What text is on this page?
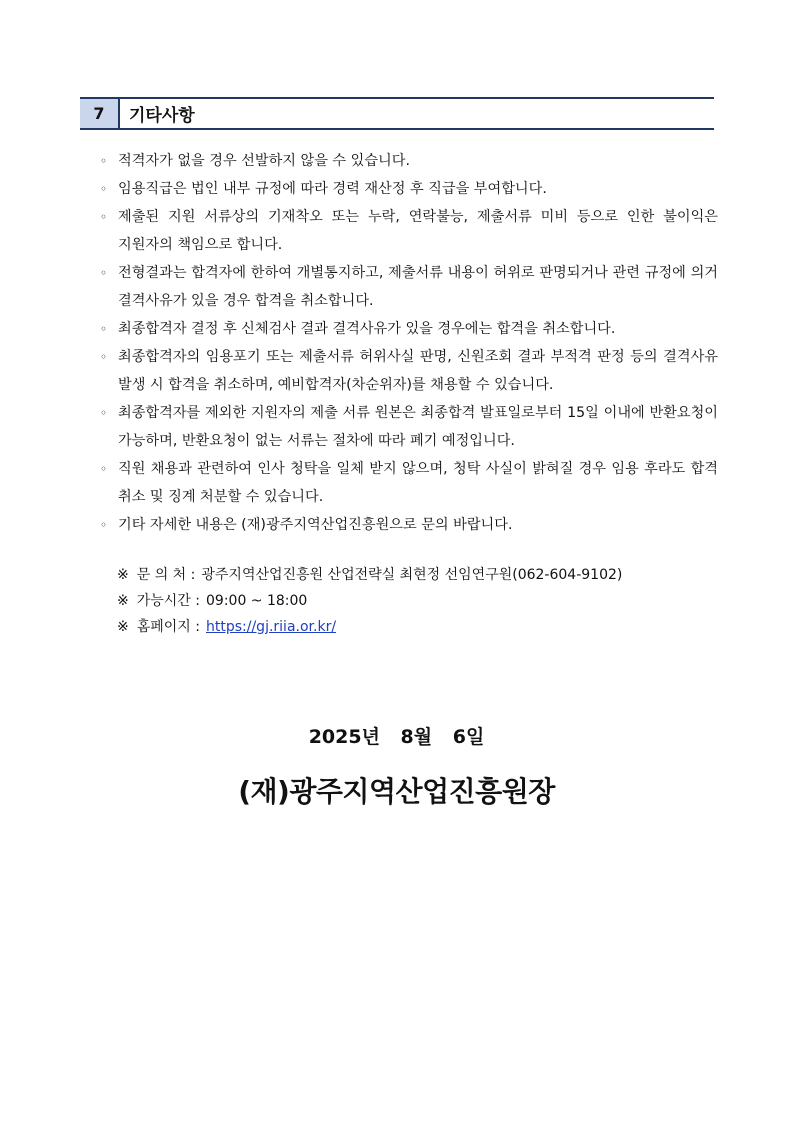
7	기타사항
◦ 적격자가 없을 경우 선발하지 않을 수 있습니다.
◦ 임용직급은 법인 내부 규정에 따라 경력 재산정 후 직급을 부여합니다.
◦ 제출된 지원 서류상의 기재착오 또는 누락, 연락불능, 제출서류 미비 등으로 인한 불이익은 지원자의 책임으로 합니다.
◦ 전형결과는 합격자에 한하여 개별통지하고, 제출서류 내용이 허위로 판명되거나 관련 규정에 의거 결격사유가 있을 경우 합격을 취소합니다.
◦ 최종합격자 결정 후 신체검사 결과 결격사유가 있을 경우에는 합격을 취소합니다.
◦ 최종합격자의 임용포기 또는 제출서류 허위사실 판명, 신원조회 결과 부적격 판정 등의 결격사유 발생 시 합격을 취소하며, 예비합격자(차순위자)를 채용할 수 있습니다.
◦ 최종합격자를 제외한 지원자의 제출 서류 원본은 최종합격 발표일로부터 15일 이내에 반환요청이 가능하며, 반환요청이 없는 서류는 절차에 따라 폐기 예정입니다.
◦ 직원 채용과 관련하여 인사 청탁을 일체 받지 않으며, 청탁 사실이 밝혀질 경우 임용 후라도 합격 취소 및 징계 처분할 수 있습니다.
◦ 기타 자세한 내용은 (재)광주지역산업진흥원으로 문의 바랍니다.
※ 문 의 처 : 광주지역산업진흥원 산업전략실 최현정 선임연구원(062-604-9102)
※ 가능시간 : 09:00 ~ 18:00
※ 홈페이지 : https://gj.riia.or.kr/
2025년 8월 6일
(재)광주지역산업진흥원장
